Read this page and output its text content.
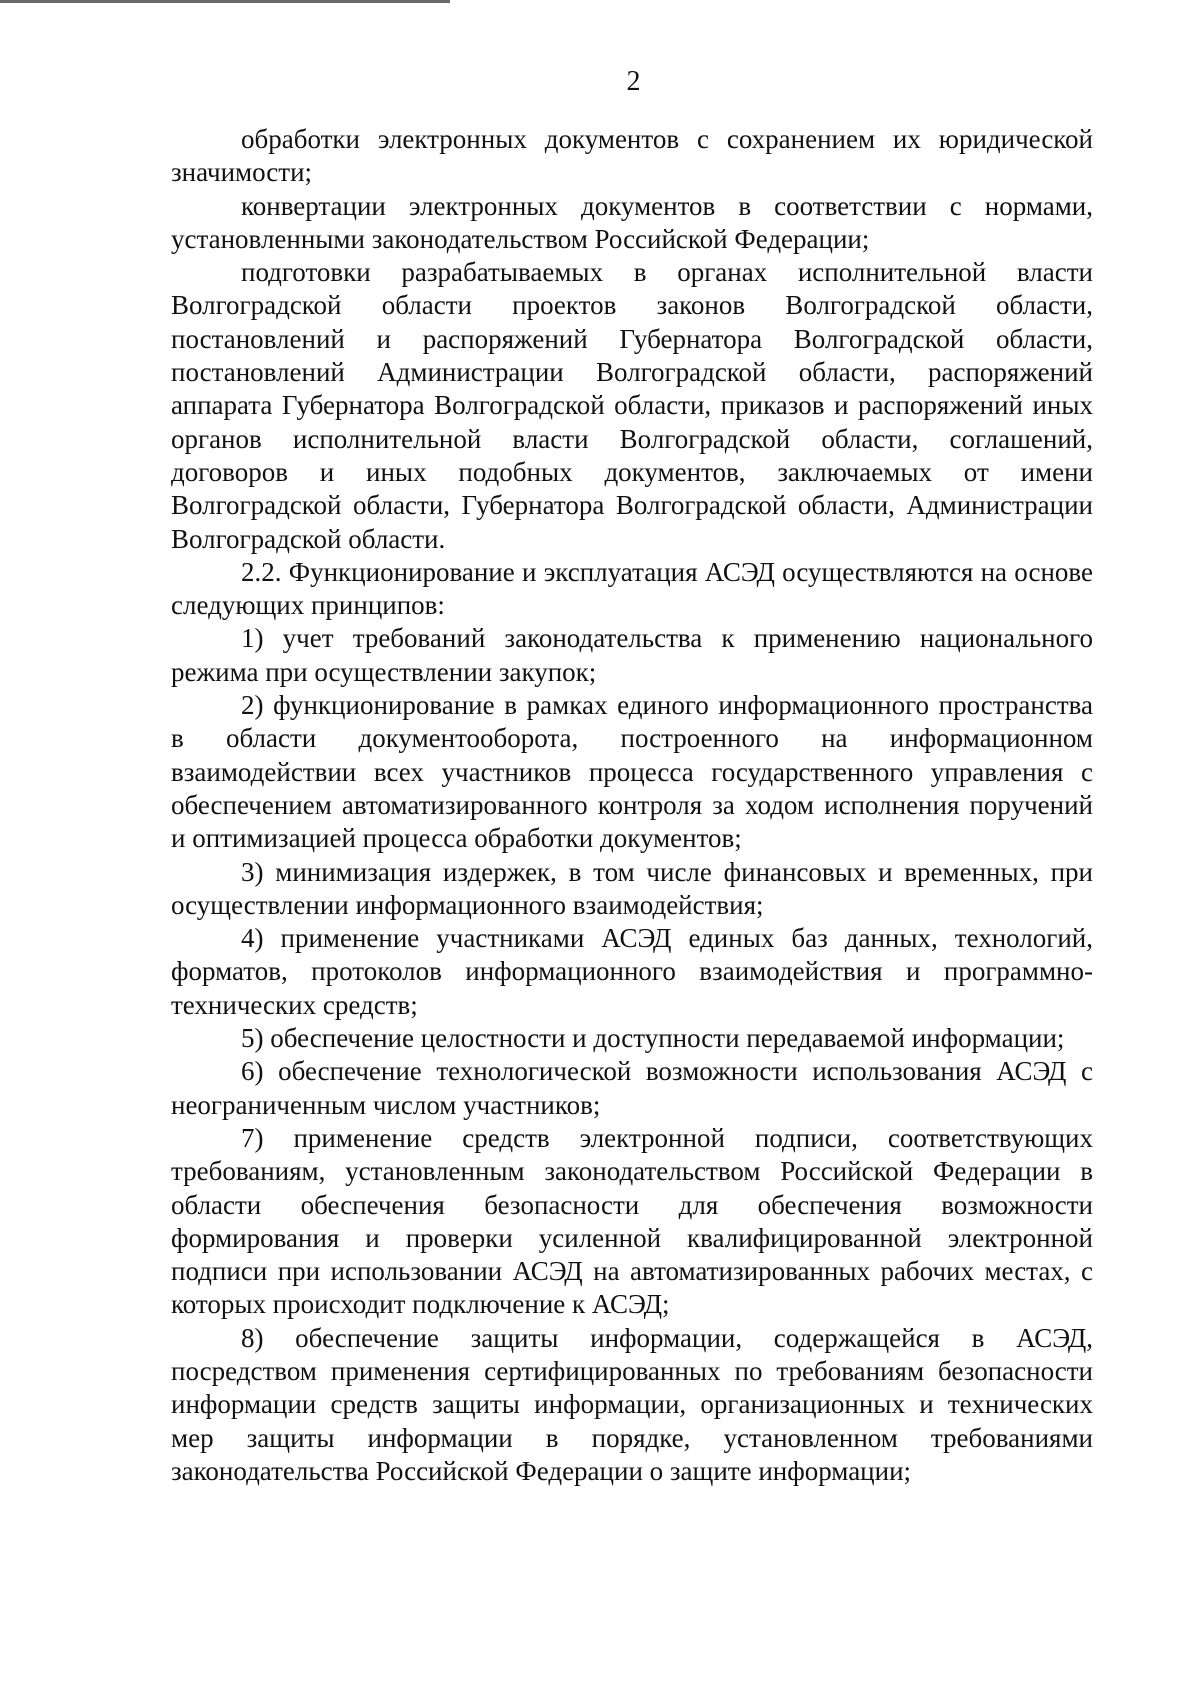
2

обработки электронных документов с сохранением их юридической значимости;

конвертации электронных документов в соответствии с нормами, установленными законодательством Российской Федерации;

подготовки разрабатываемых в органах исполнительной власти Волгоградской области проектов законов Волгоградской области, постановлений и распоряжений Губернатора Волгоградской области, постановлений Администрации Волгоградской области, распоряжений аппарата Губернатора Волгоградской области, приказов и распоряжений иных органов исполнительной власти Волгоградской области, соглашений, договоров и иных подобных документов, заключаемых от имени Волгоградской области, Губернатора Волгоградской области, Администрации Волгоградской области.

2.2. Функционирование и эксплуатация АСЭД осуществляются на основе следующих принципов:

1) учет требований законодательства к применению национального режима при осуществлении закупок;

2) функционирование в рамках единого информационного пространства в области документооборота, построенного на информационном взаимодействии всех участников процесса государственного управления с обеспечением автоматизированного контроля за ходом исполнения поручений и оптимизацией процесса обработки документов;

3) минимизация издержек, в том числе финансовых и временных, при осуществлении информационного взаимодействия;

4) применение участниками АСЭД единых баз данных, технологий, форматов, протоколов информационного взаимодействия и программно-технических средств;

5) обеспечение целостности и доступности передаваемой информации;

6) обеспечение технологической возможности использования АСЭД с неограниченным числом участников;

7) применение средств электронной подписи, соответствующих требованиям, установленным законодательством Российской Федерации в области обеспечения безопасности для обеспечения возможности формирования и проверки усиленной квалифицированной электронной подписи при использовании АСЭД на автоматизированных рабочих местах, с которых происходит подключение к АСЭД;

8) обеспечение защиты информации, содержащейся в АСЭД, посредством применения сертифицированных по требованиям безопасности информации средств защиты информации, организационных и технических мер защиты информации в порядке, установленном требованиями законодательства Российской Федерации о защите информации;
